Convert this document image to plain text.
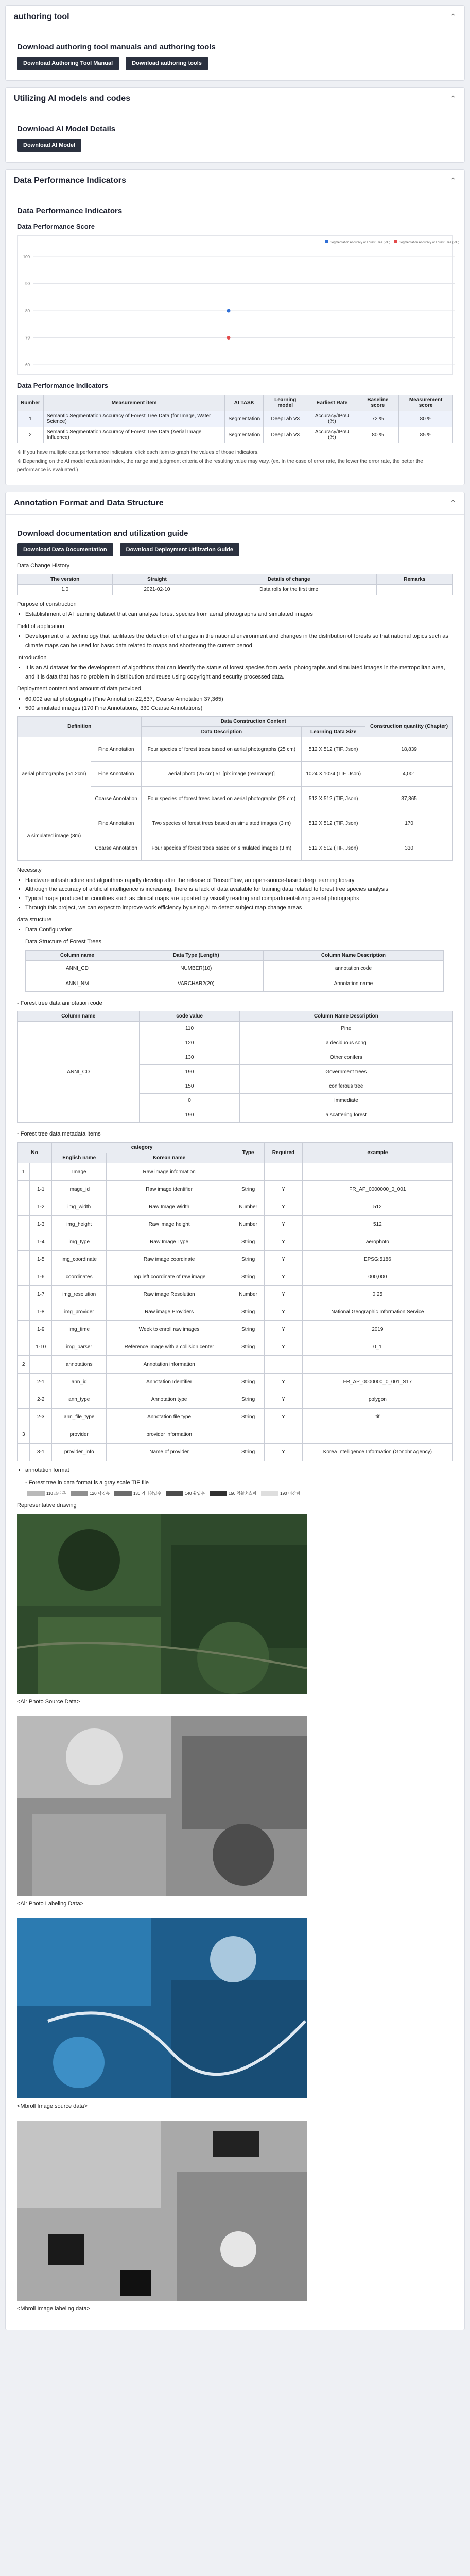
authoring tool	⌃
Download authoring tool manuals and authoring tools
Download Authoring Tool Manual	Download authoring tools
Utilizing AI models and codes	⌃
Download AI Model Details
Download AI Model
Data Performance Indicators	⌃
Data Performance Indicators
Data Performance Score
Segmentation Accuracy of Forest Tree (IoU)	Segmentation Accuracy of Forest Tree (IoU)
100
90
80
70
60
Data Performance Indicators
Number	Measurement item	AI TASK	Learning model	Earliest Rate	Baseline score	Measurement score
1	Semantic Segmentation Accuracy of Forest Tree Data (for Image, Water Science)	Segmentation	DeepLab V3	Accuracy/IPoU (%)	72 %	80 %
2	Semantic Segmentation Accuracy of Forest Tree Data (Aerial Image Influence)	Segmentation	DeepLab V3	Accuracy/IPoU (%)	80 %	85 %

※ If you have multiple data performance indicators, click each item to graph the values of those indicators.

※ Depending on the AI model evaluation index, the range and judgment criteria of the resulting value may vary. (ex. In the case of error rate, the lower the error rate, the better the performance is evaluated.)

Annotation Format and Data Structure	⌃
Download documentation and utilization guide
Download Data Documentation	Download Deployment Utilization Guide

Data Change History

The version	Straight	Details of change	Remarks
1.0	2021-02-10	Data rolls for the first time	

Purpose of construction

• Establishment of AI learning dataset that can analyze forest species from aerial photographs and simulated images

Field of application

• Development of a technology that facilitates the detection of changes in the national environment and changes in the distribution of forests so that national topics such as climate maps can be used for basic data related to maps and shortening the current period

Introduction

• It is an AI dataset for the development of algorithms that can identify the status of forest species from aerial photographs and simulated images in the metropolitan area, and it is data that has no problem in distribution and reuse using copyright and security processed data.

Deployment content and amount of data provided

• 60,002 aerial photographs (Fine Annotation 22,837, Coarse Annotation 37,365)
• 500 simulated images (170 Fine Annotations, 330 Coarse Annotations)
Definition		Data Construction Content		Construction quantity (Chapter)
		Data Description	Learning Data Size	
aerial photography (51.2cm)	Fine Annotation	Four species of forest trees based on aerial photographs (25 cm)	512 X 512 (TIF, Json)	18,839
	Fine Annotation	aerial photo (25 cm) 51 [pix image (rearrange)]	1024 X 1024 (TIF, Json)	4,001
	Coarse Annotation	Four species of forest trees based on aerial photographs (25 cm)	512 X 512 (TIF, Json)	37,365
a simulated image (3m)	Fine Annotation	Two species of forest trees based on simulated images (3 m)	512 X 512 (TIF, Json)	170
	Coarse Annotation	Four species of forest trees based on simulated images (3 m)	512 X 512 (TIF, Json)	330

Necessity

• Hardware infrastructure and algorithms rapidly develop after the release of TensorFlow, an open-source-based deep learning library
• Although the accuracy of artificial intelligence is increasing, there is a lack of data available for training data related to forest tree species analysis
• Typical maps produced in countries such as clinical maps are updated by visually reading and compartmentalizing aerial photographs
• Through this project, we can expect to improve work efficiency by using AI to detect subject map change areas

data structure

• Data Configuration

Data Structure of Forest Trees

Column name	Data Type (Length)	Column Name Description
ANNI_CD	NUMBER(10)	annotation code
ANNI_NM	VARCHAR2(20)	Annotation name

- Forest tree data annotation code

Column name	code value	Column Name Description
ANNI_CD	110	Pine
	120	a deciduous song
	130	Other conifers
	190	Government trees
	150	coniferous tree
	0	Immediate
	190	a scattering forest

- Forest tree data metadata items

No		category		Type	Required	example
		English name	Korean name			
1		Image	Raw image information			
	1-1	image_id	Raw image identifier	String	Y	FR_AP_0000000_0_001
	1-2	img_width	Raw Image Width	Number	Y	512
	1-3	img_height	Raw image height	Number	Y	512
	1-4	img_type	Raw Image Type	String	Y	aerophoto
	1-5	img_coordinate	Raw image coordinate	String	Y	EPSG:5186
	1-6	coordinates	Top left coordinate of raw image	String	Y	000,000
	1-7	img_resolution	Raw image Resolution	Number	Y	0.25
	1-8	img_provider	Raw image Providers	String	Y	National Geographic Information Service
	1-9	img_time	Week to enroll raw images	String	Y	2019
	1-10	img_parser	Reference image with a collision center	String	Y	0_1
2		annotations	Annotation information			
	2-1	ann_id	Annotation Identifier	String	Y	FR_AP_0000000_0_001_S17
	2-2	ann_type	Annotation type	String	Y	polygon
	2-3	ann_file_type	Annotation file type	String	Y	tif
3		provider	provider information			
	3-1	provider_info	Name of provider	String	Y	Korea Intelligence Information (Gonohr Agency)
• annotation format

- Forest tree in data format is a gray scale TIF file

110 소나무	120 낙엽송	130 기타침엽수	140 활엽수	150 침활혼효림	190 비산림

Representative drawing

<Air Photo Source Data>

<Air Photo Labeling Data>

<Mbroll Image source data>

<Mbroll Image labeling data>
